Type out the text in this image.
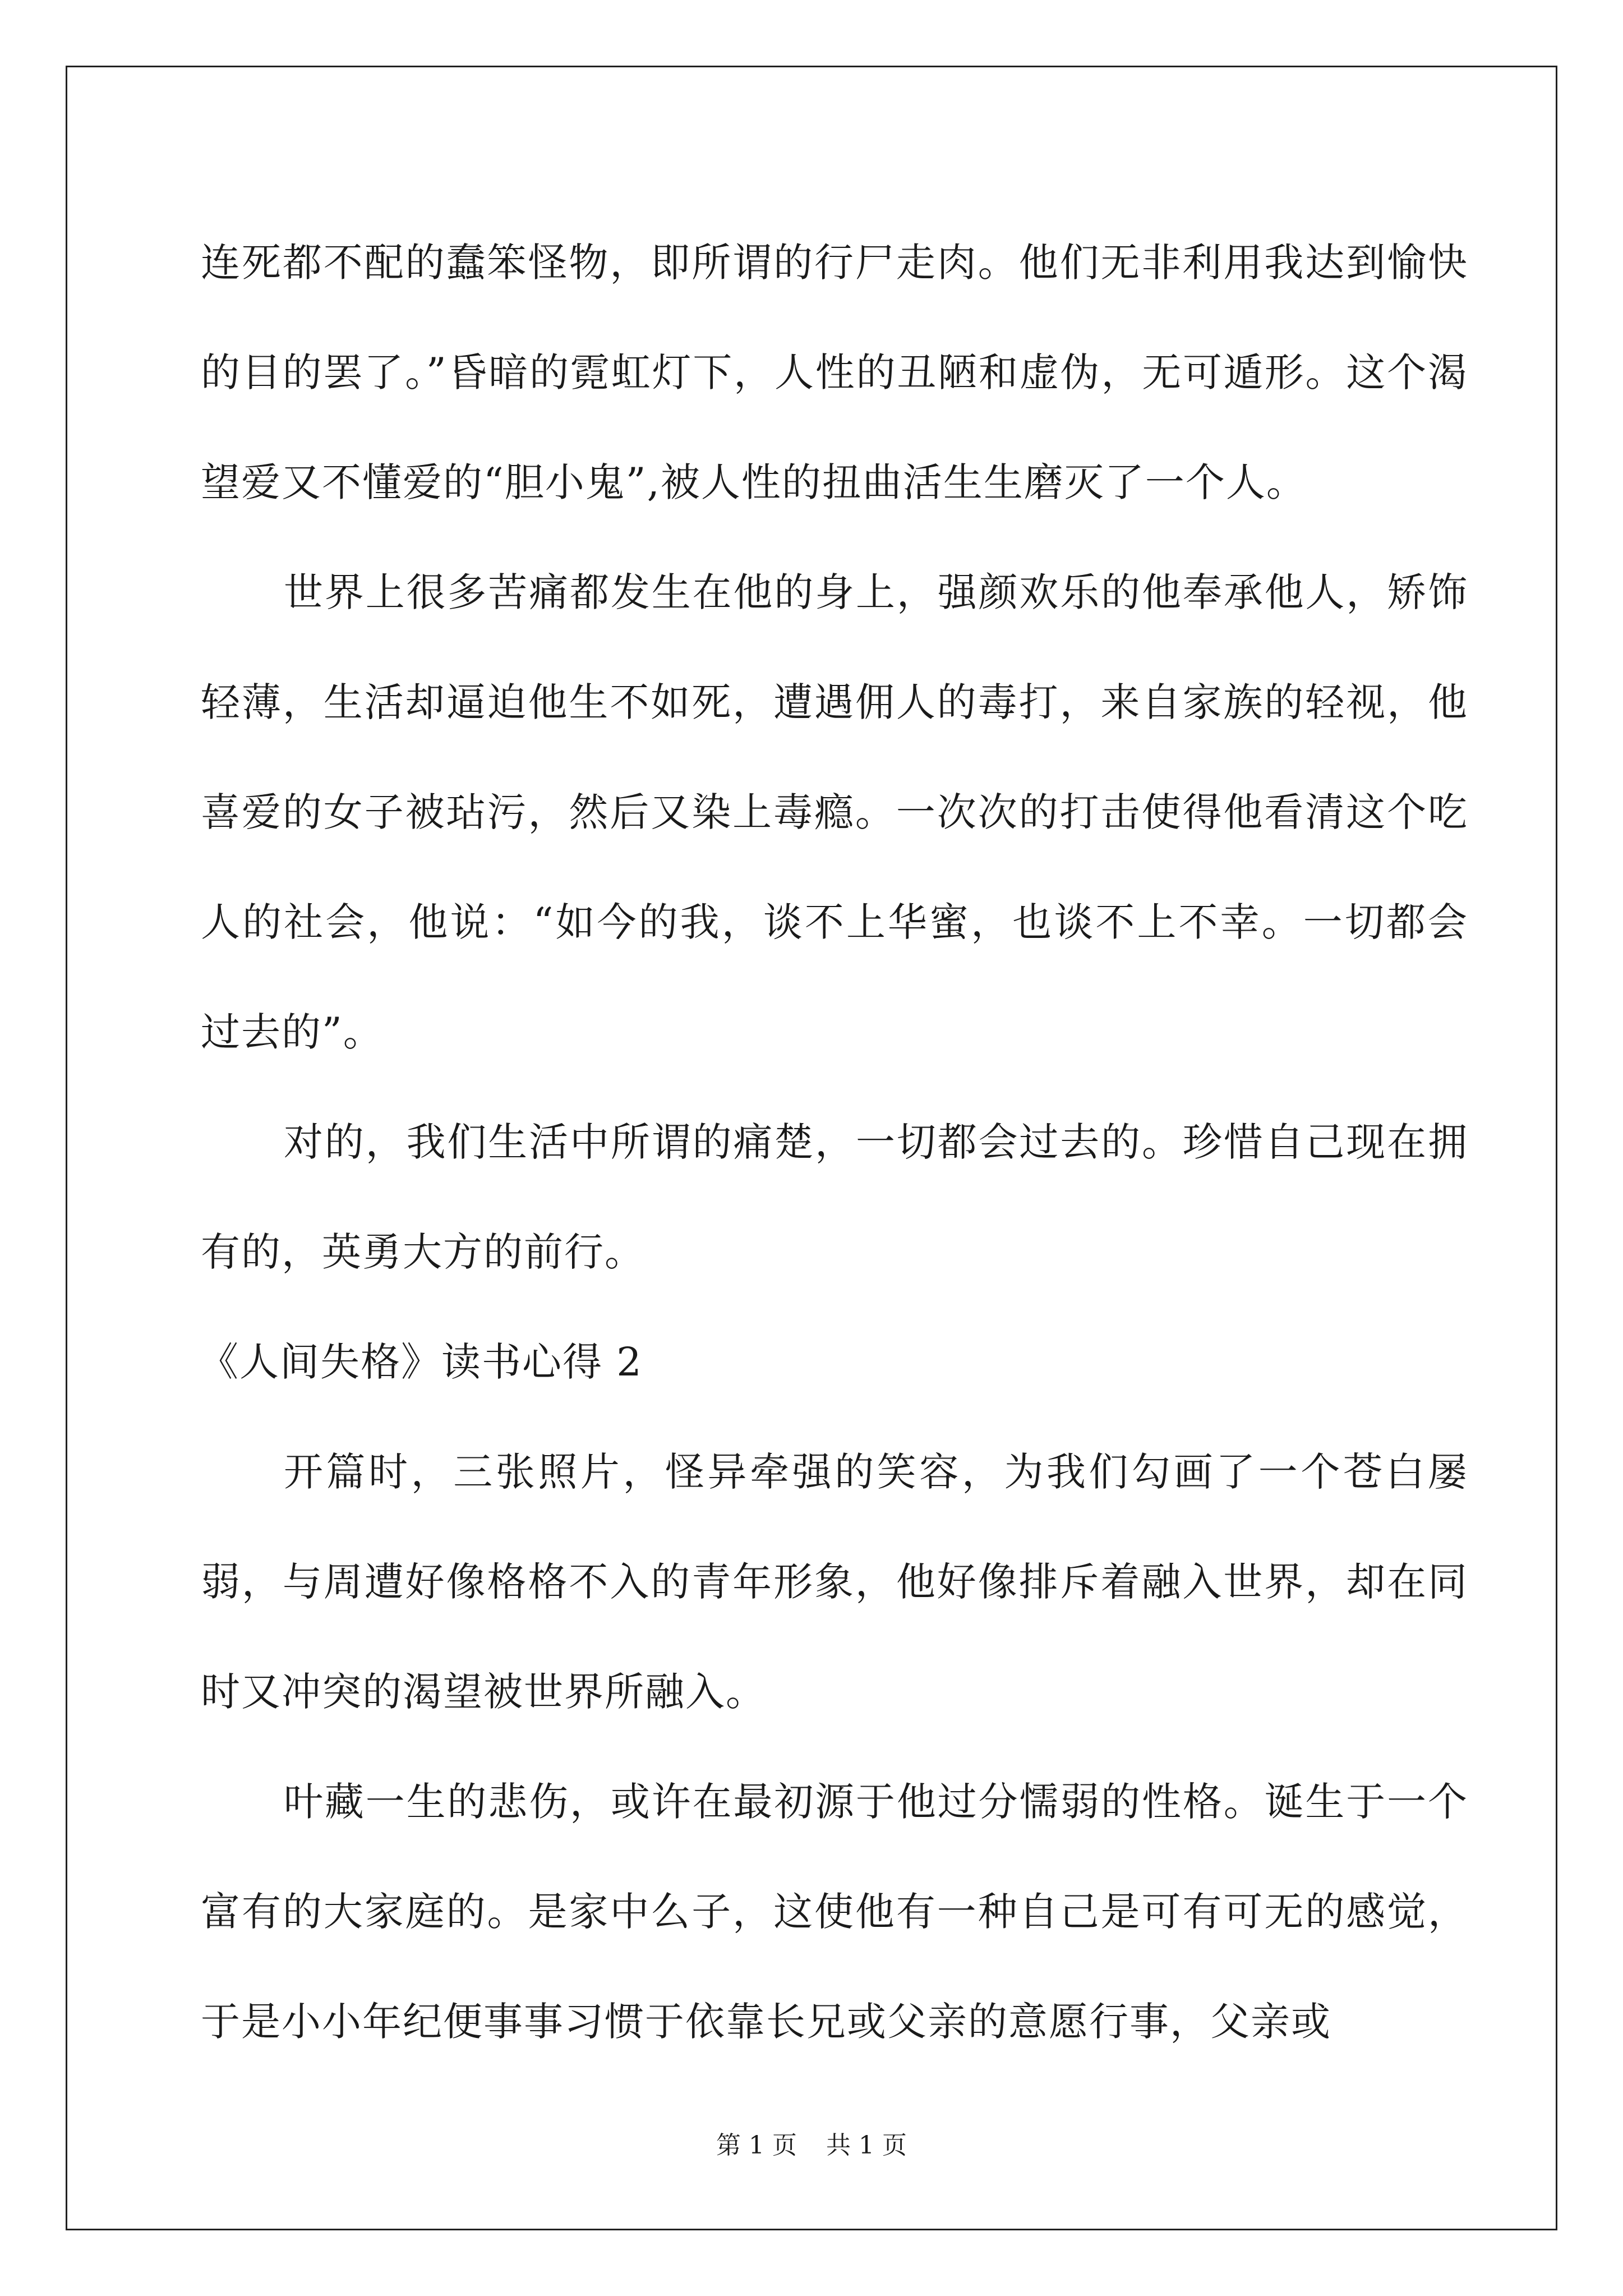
连死都不配的蠢笨怪物，即所谓的行尸走肉。他们无非利用我达到愉快的目的罢了。”昏暗的霓虹灯下，人性的丑陋和虚伪，无可遁形。这个渴望爱又不懂爱的“胆小鬼”,被人性的扭曲活生生磨灭了一个人。

世界上很多苦痛都发生在他的身上，强颜欢乐的他奉承他人，矫饰轻薄，生活却逼迫他生不如死，遭遇佣人的毒打，来自家族的轻视，他喜爱的女子被玷污，然后又染上毒瘾。一次次的打击使得他看清这个吃人的社会，他说：“如今的我，谈不上华蜜，也谈不上不幸。一切都会过去的”。

对的，我们生活中所谓的痛楚，一切都会过去的。珍惜自己现在拥有的，英勇大方的前行。

《人间失格》读书心得 2

开篇时，三张照片，怪异牵强的笑容，为我们勾画了一个苍白屡弱，与周遭好像格格不入的青年形象，他好像排斥着融入世界，却在同时又冲突的渴望被世界所融入。

叶藏一生的悲伤，或许在最初源于他过分懦弱的性格。诞生于一个富有的大家庭的。是家中么子，这使他有一种自己是可有可无的感觉，于是小小年纪便事事习惯于依靠长兄或父亲的意愿行事，父亲或

第 1 页 共 1 页
